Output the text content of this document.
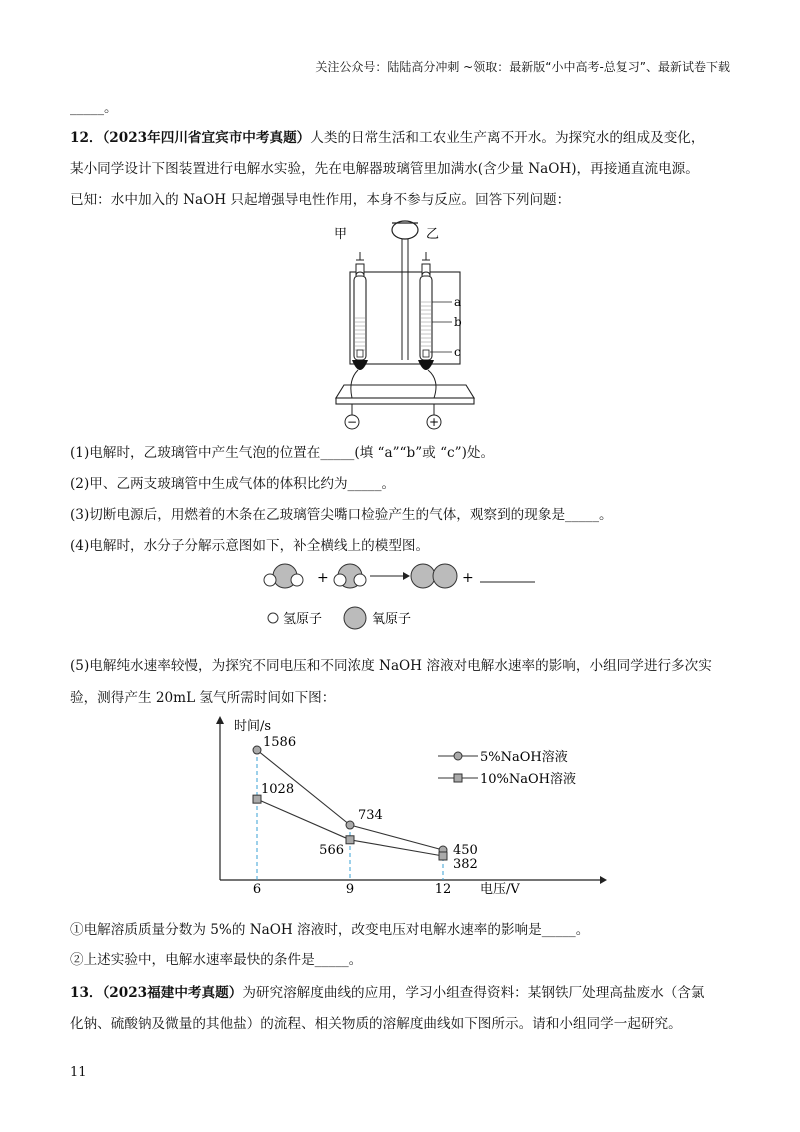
关注公众号：陆陆高分冲刺 ~领取：最新版“小中高考-总复习”、最新试卷下载
_____。
12．（2023年四川省宜宾市中考真题）人类的日常生活和工农业生产离不开水。为探究水的组成及变化，
某小同学设计下图装置进行电解水实验，先在电解器玻璃管里加满水(含少量 NaOH)，再接通直流电源。
已知：水中加入的 NaOH 只起增强导电性作用，本身不参与反应。回答下列问题：
甲	乙
a
b
c
−	+
(1)电解时，乙玻璃管中产生气泡的位置在_____(填 “a”“b”或 “c”)处。
(2)甲、乙两支玻璃管中生成气体的体积比约为_____。
(3)切断电源后，用燃着的木条在乙玻璃管尖嘴口检验产生的气体，观察到的现象是_____。
(4)电解时，水分子分解示意图如下，补全横线上的模型图。
+	+
氢原子	氧原子
(5)电解纯水速率较慢，为探究不同电压和不同浓度 NaOH 溶液对电解水速率的影响，小组同学进行多次实
验，测得产生 20mL 氢气所需时间如下图：
时间/s
电压/V
6	9	12
1586
734
450
1028
566
382
5%NaOH溶液
10%NaOH溶液
①电解溶质质量分数为 5%的 NaOH 溶液时，改变电压对电解水速率的影响是_____。
②上述实验中，电解水速率最快的条件是_____。
13．（2023福建中考真题）为研究溶解度曲线的应用，学习小组查得资料：某钢铁厂处理高盐废水（含氯
化钠、硫酸钠及微量的其他盐）的流程、相关物质的溶解度曲线如下图所示。请和小组同学一起研究。
11
